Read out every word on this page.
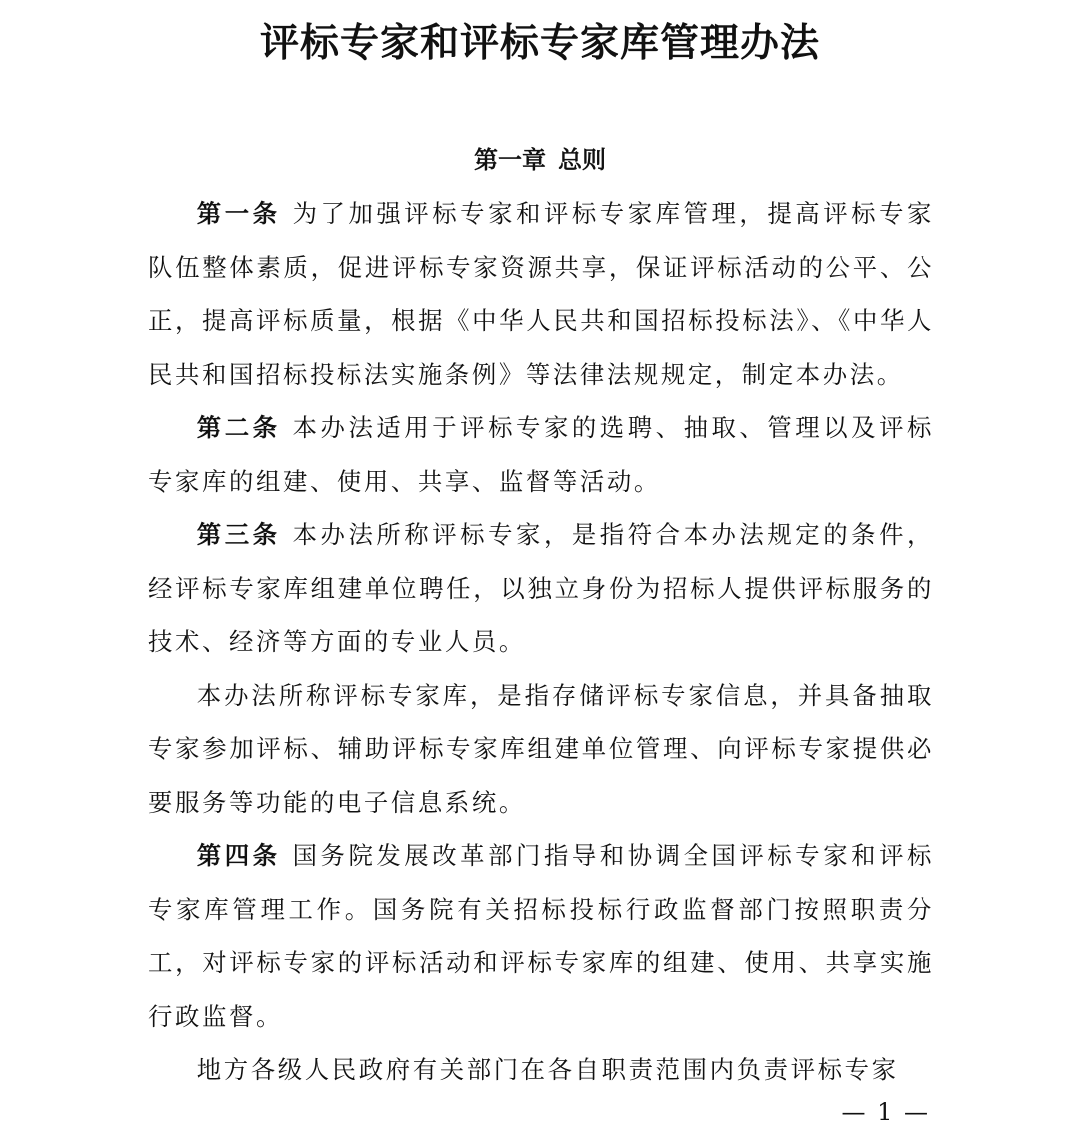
评标专家和评标专家库管理办法
第一章 总则

第一条 为了加强评标专家和评标专家库管理，提高评标专家队伍整体素质，促进评标专家资源共享，保证评标活动的公平、公正，提高评标质量，根据《中华人民共和国招标投标法》、《中华人民共和国招标投标法实施条例》等法律法规规定，制定本办法。

第二条 本办法适用于评标专家的选聘、抽取、管理以及评标专家库的组建、使用、共享、监督等活动。

第三条 本办法所称评标专家，是指符合本办法规定的条件，经评标专家库组建单位聘任，以独立身份为招标人提供评标服务的技术、经济等方面的专业人员。

本办法所称评标专家库，是指存储评标专家信息，并具备抽取专家参加评标、辅助评标专家库组建单位管理、向评标专家提供必要服务等功能的电子信息系统。

第四条 国务院发展改革部门指导和协调全国评标专家和评标专家库管理工作。国务院有关招标投标行政监督部门按照职责分工，对评标专家的评标活动和评标专家库的组建、使用、共享实施行政监督。

地方各级人民政府有关部门在各自职责范围内负责评标专家

— 1 —
